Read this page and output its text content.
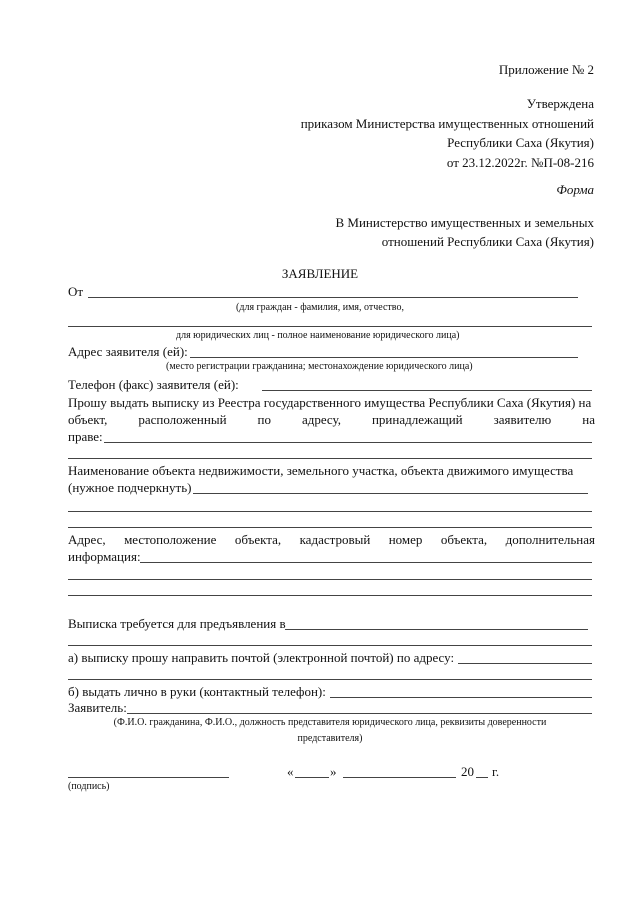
Приложение № 2
Утверждена
приказом Министерства имущественных отношений
Республики Саха (Якутия)
от 23.12.2022г. №П-08-216
Форма
В Министерство имущественных и земельных
отношений Республики Саха (Якутия)
ЗАЯВЛЕНИЕ
От
(для граждан - фамилия, имя, отчество,
для юридических лиц - полное наименование юридического лица)
Адрес заявителя (ей):
(место регистрации гражданина; местонахождение юридического лица)
Телефон (факс) заявителя (ей):
Прошу выдать выписку из Реестра государственного имущества Республики Саха (Якутия) на
объект, расположенный по адресу, принадлежащий заявителю на
праве:
Наименование объекта недвижимости, земельного участка, объекта движимого имущества
(нужное подчеркнуть)
Адрес, местоположение объекта, кадастровый номер объекта, дополнительная
информация:
Выписка требуется для предъявления в
а) выписку прошу направить почтой (электронной почтой) по адресу:
б) выдать лично в руки (контактный телефон):
Заявитель:
(Ф.И.О. гражданина, Ф.И.О., должность представителя юридического лица, реквизиты доверенности
представителя)
(подпись)
«	»	20 г.
